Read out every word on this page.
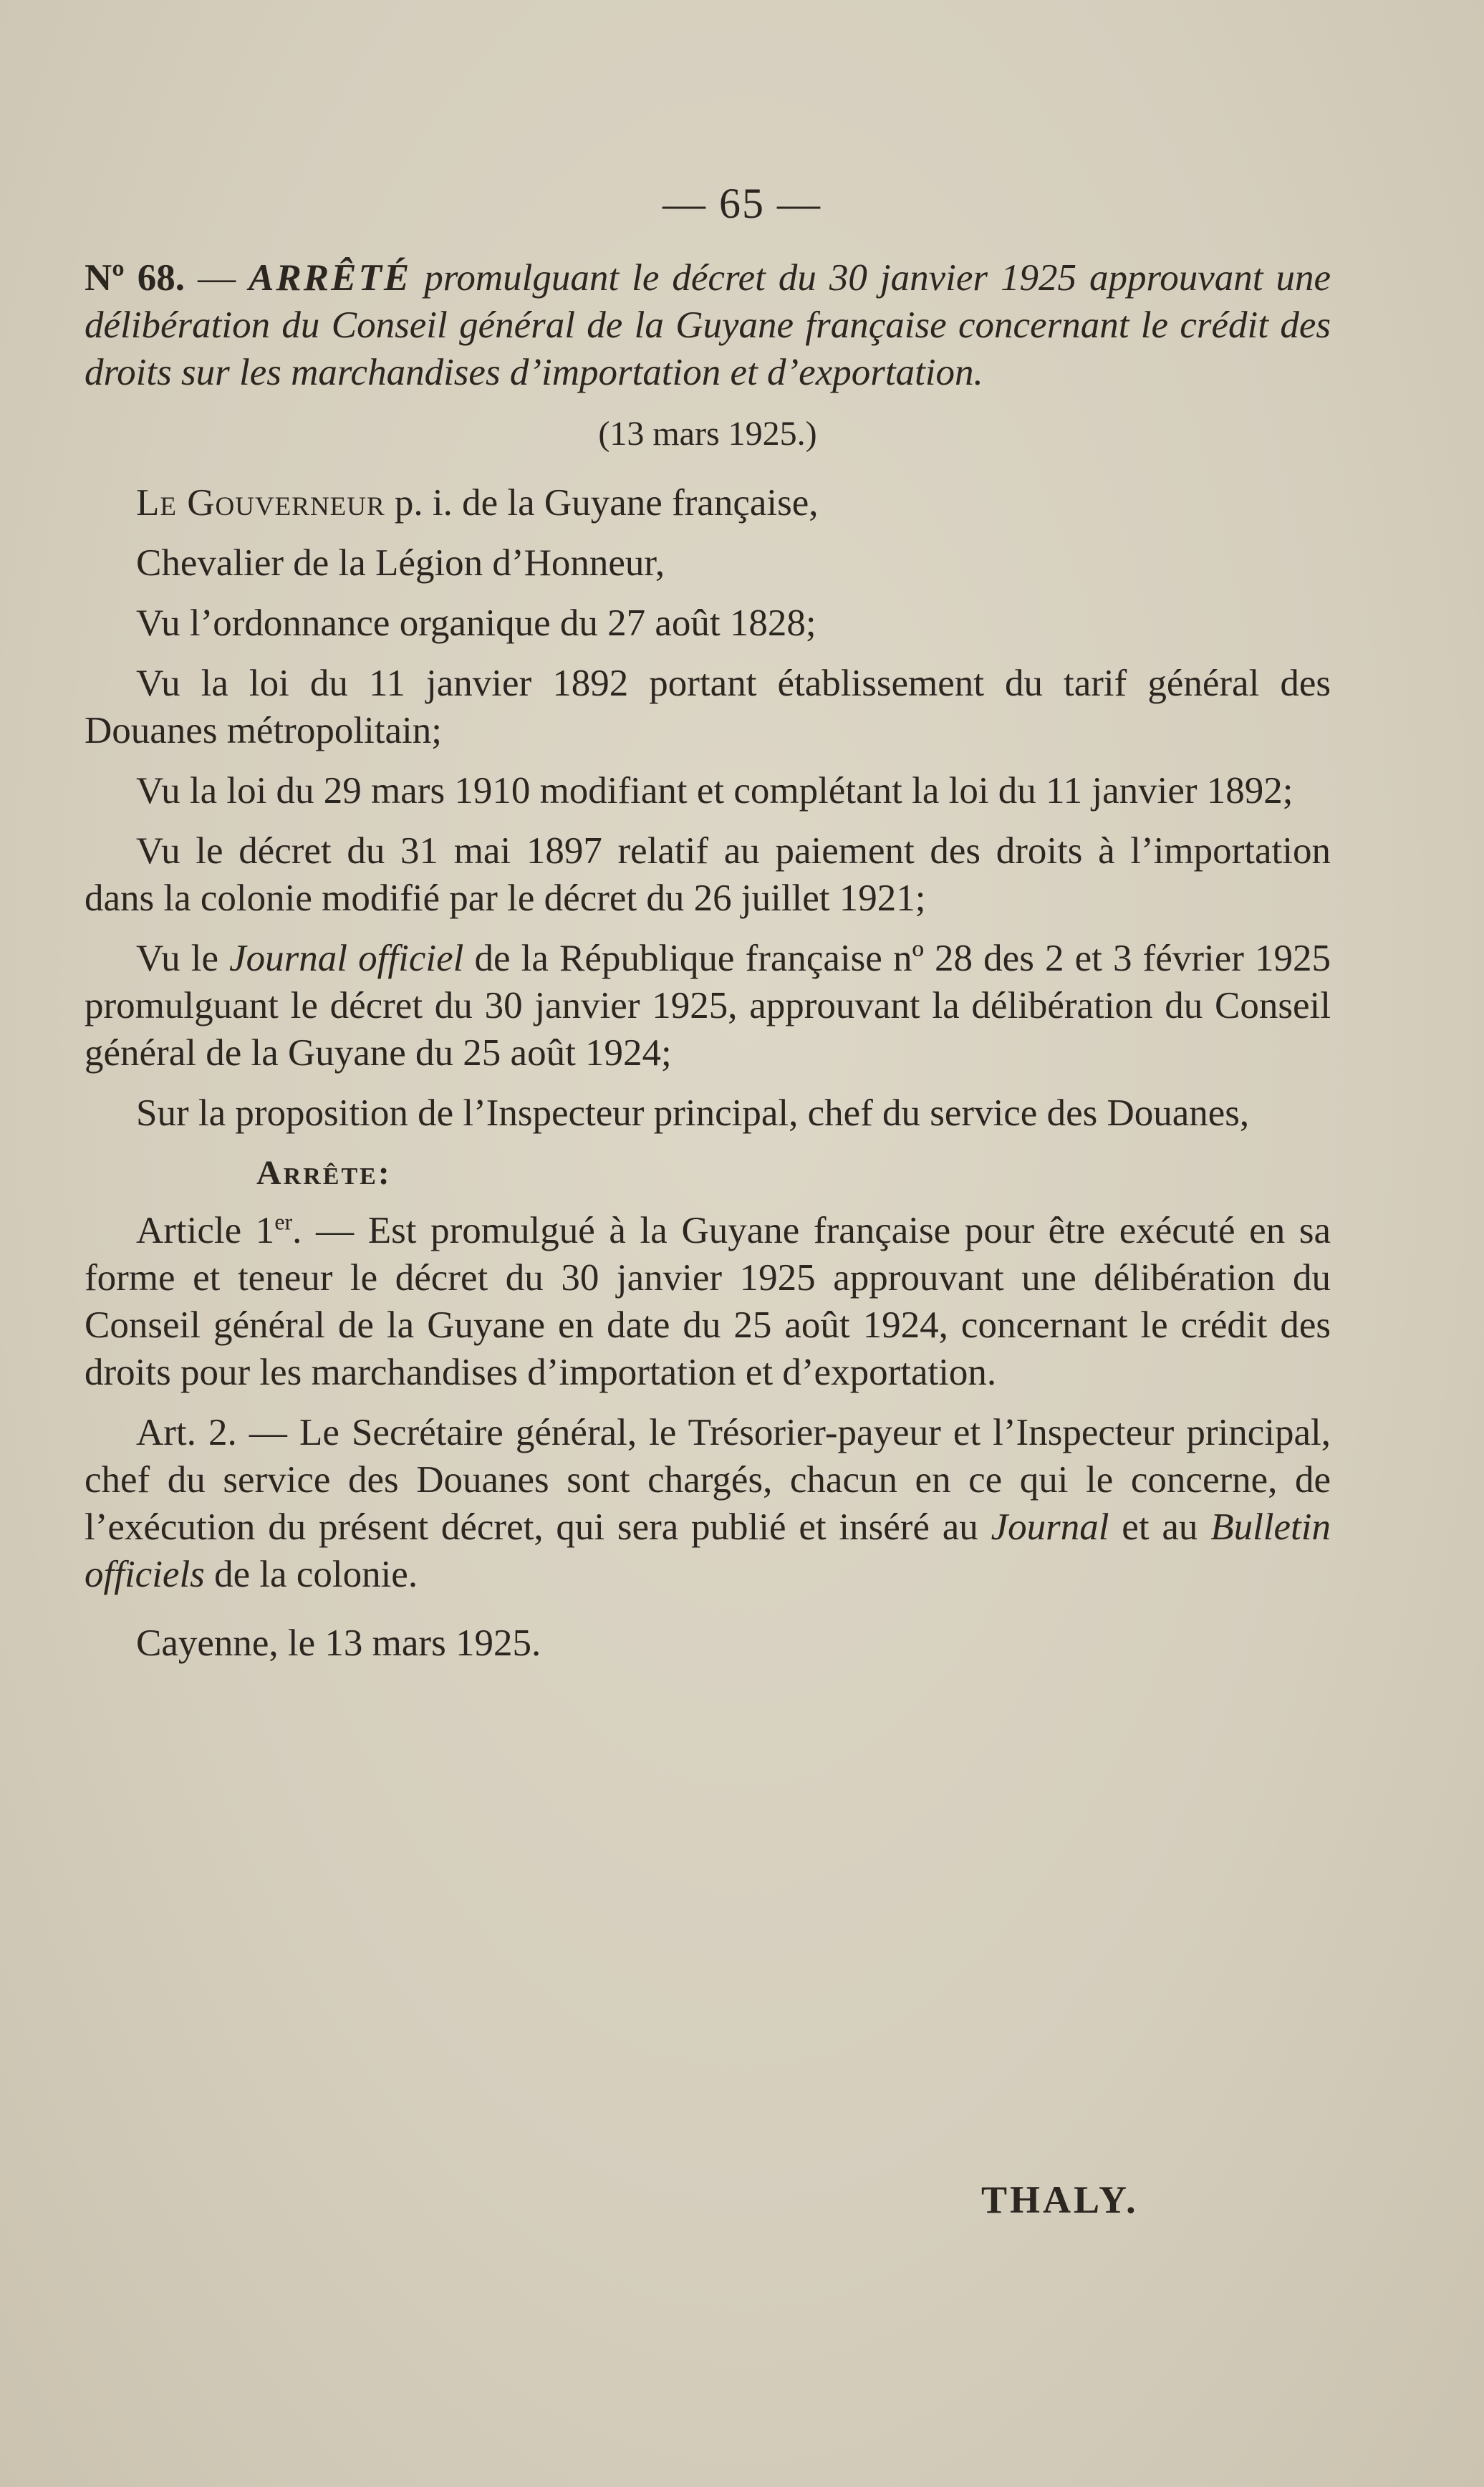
— 65 —
Nº 68. — ARRÊTÉ promulguant le décret du 30 janvier 1925 approuvant une délibération du Conseil général de la Guyane française concernant le crédit des droits sur les marchandises d’importation et d’exportation.
(13 mars 1925.)

Le Gouverneur p. i. de la Guyane française,

Chevalier de la Légion d’Honneur,

Vu l’ordonnance organique du 27 août 1828;

Vu la loi du 11 janvier 1892 portant établissement du tarif général des Douanes métropolitain;

Vu la loi du 29 mars 1910 modifiant et complétant la loi du 11 janvier 1892;

Vu le décret du 31 mai 1897 relatif au paiement des droits à l’importation dans la colonie modifié par le décret du 26 juillet 1921;

Vu le Journal officiel de la République française nº 28 des 2 et 3 février 1925 promulguant le décret du 30 janvier 1925, approuvant la délibération du Conseil général de la Guyane du 25 août 1924;

Sur la proposition de l’Inspecteur principal, chef du service des Douanes,

Arrête:

Article 1er. — Est promulgué à la Guyane française pour être exécuté en sa forme et teneur le décret du 30 janvier 1925 approuvant une délibération du Conseil général de la Guyane en date du 25 août 1924, concernant le crédit des droits pour les marchandises d’importation et d’exportation.

Art. 2. — Le Secrétaire général, le Trésorier-payeur et l’Inspecteur principal, chef du service des Douanes sont chargés, chacun en ce qui le concerne, de l’exécution du présent décret, qui sera publié et inséré au Journal et au Bulletin officiels de la colonie.

Cayenne, le 13 mars 1925.

THALY.
